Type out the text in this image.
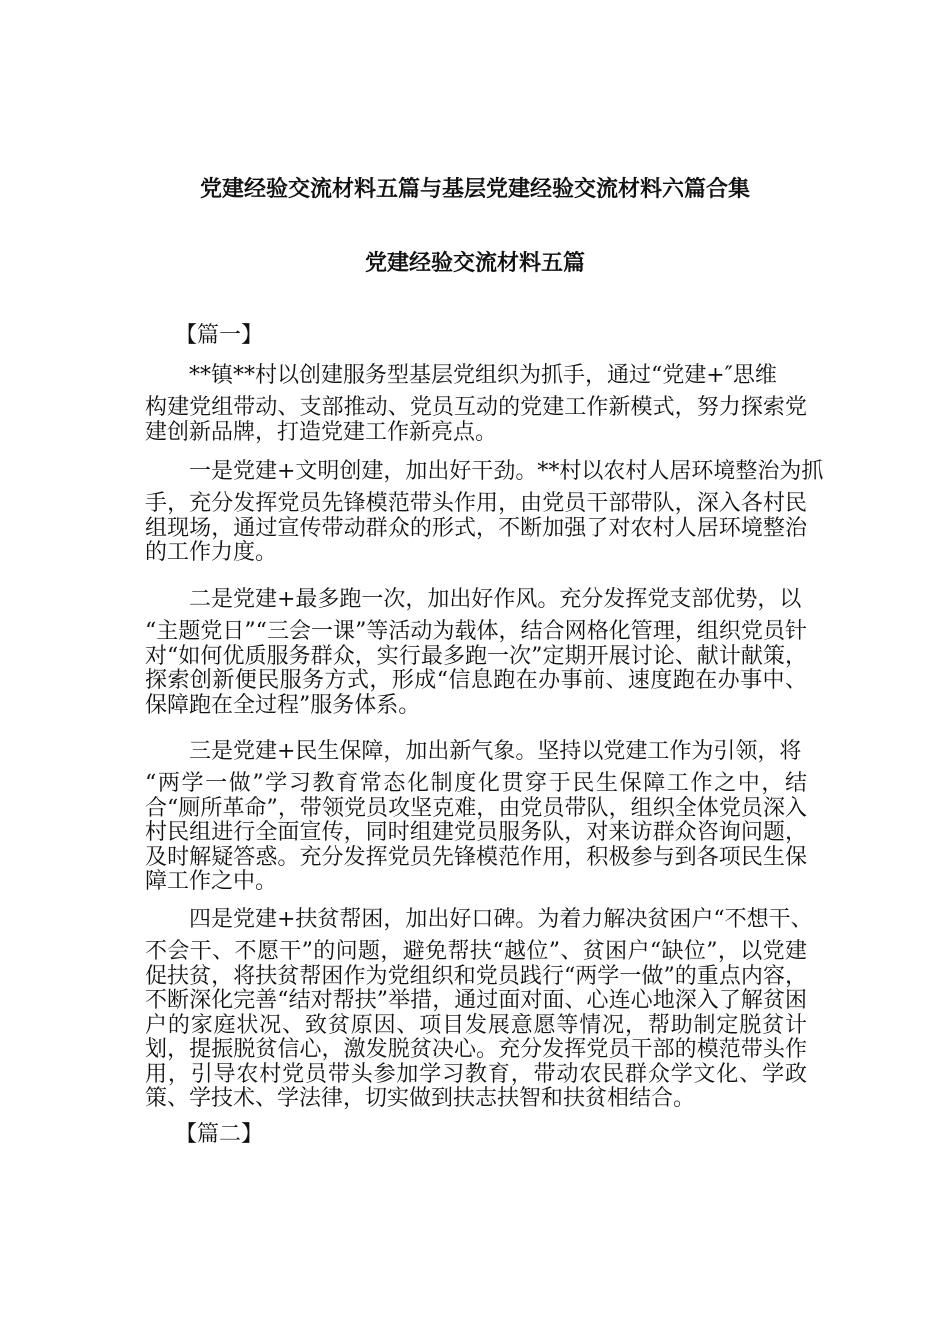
党建经验交流材料五篇与基层党建经验交流材料六篇合集
党建经验交流材料五篇

【篇一】

**镇**村以创建服务型基层党组织为抓手，通过“党建+″思维
构建党组带动、支部推动、党员互动的党建工作新模式，努力探索党建创新品牌，打造党建工作新亮点。
一是党建+文明创建，加出好干劲。**村以农村人居环境整治为抓
手，充分发挥党员先锋模范带头作用，由党员干部带队，深入各村民组现场，通过宣传带动群众的形式，不断加强了对农村人居环境整治的工作力度。
二是党建+最多跑一次，加出好作风。充分发挥党支部优势，以
“主题党日”“三会一课”等活动为载体，结合网格化管理，组织党员针对“如何优质服务群众，实行最多跑一次”定期开展讨论、献计献策，探索创新便民服务方式，形成“信息跑在办事前、速度跑在办事中、保障跑在全过程”服务体系。
三是党建+民生保障，加出新气象。坚持以党建工作为引领，将
“两学一做”学习教育常态化制度化贯穿于民生保障工作之中，结合“厕所革命”，带领党员攻坚克难，由党员带队，组织全体党员深入村民组进行全面宣传，同时组建党员服务队，对来访群众咨询问题，及时解疑答惑。充分发挥党员先锋模范作用，积极参与到各项民生保障工作之中。
四是党建+扶贫帮困，加出好口碑。为着力解决贫困户“不想干、
不会干、不愿干”的问题，避免帮扶“越位”、贫困户“缺位”，以党建促扶贫，将扶贫帮困作为党组织和党员践行“两学一做”的重点内容，不断深化完善“结对帮扶”举措，通过面对面、心连心地深入了解贫困户的家庭状况、致贫原因、项目发展意愿等情况，帮助制定脱贫计划，提振脱贫信心，激发脱贫决心。充分发挥党员干部的模范带头作用，引导农村党员带头参加学习教育，带动农民群众学文化、学政策、学技术、学法律，切实做到扶志扶智和扶贫相结合。

【篇二】
